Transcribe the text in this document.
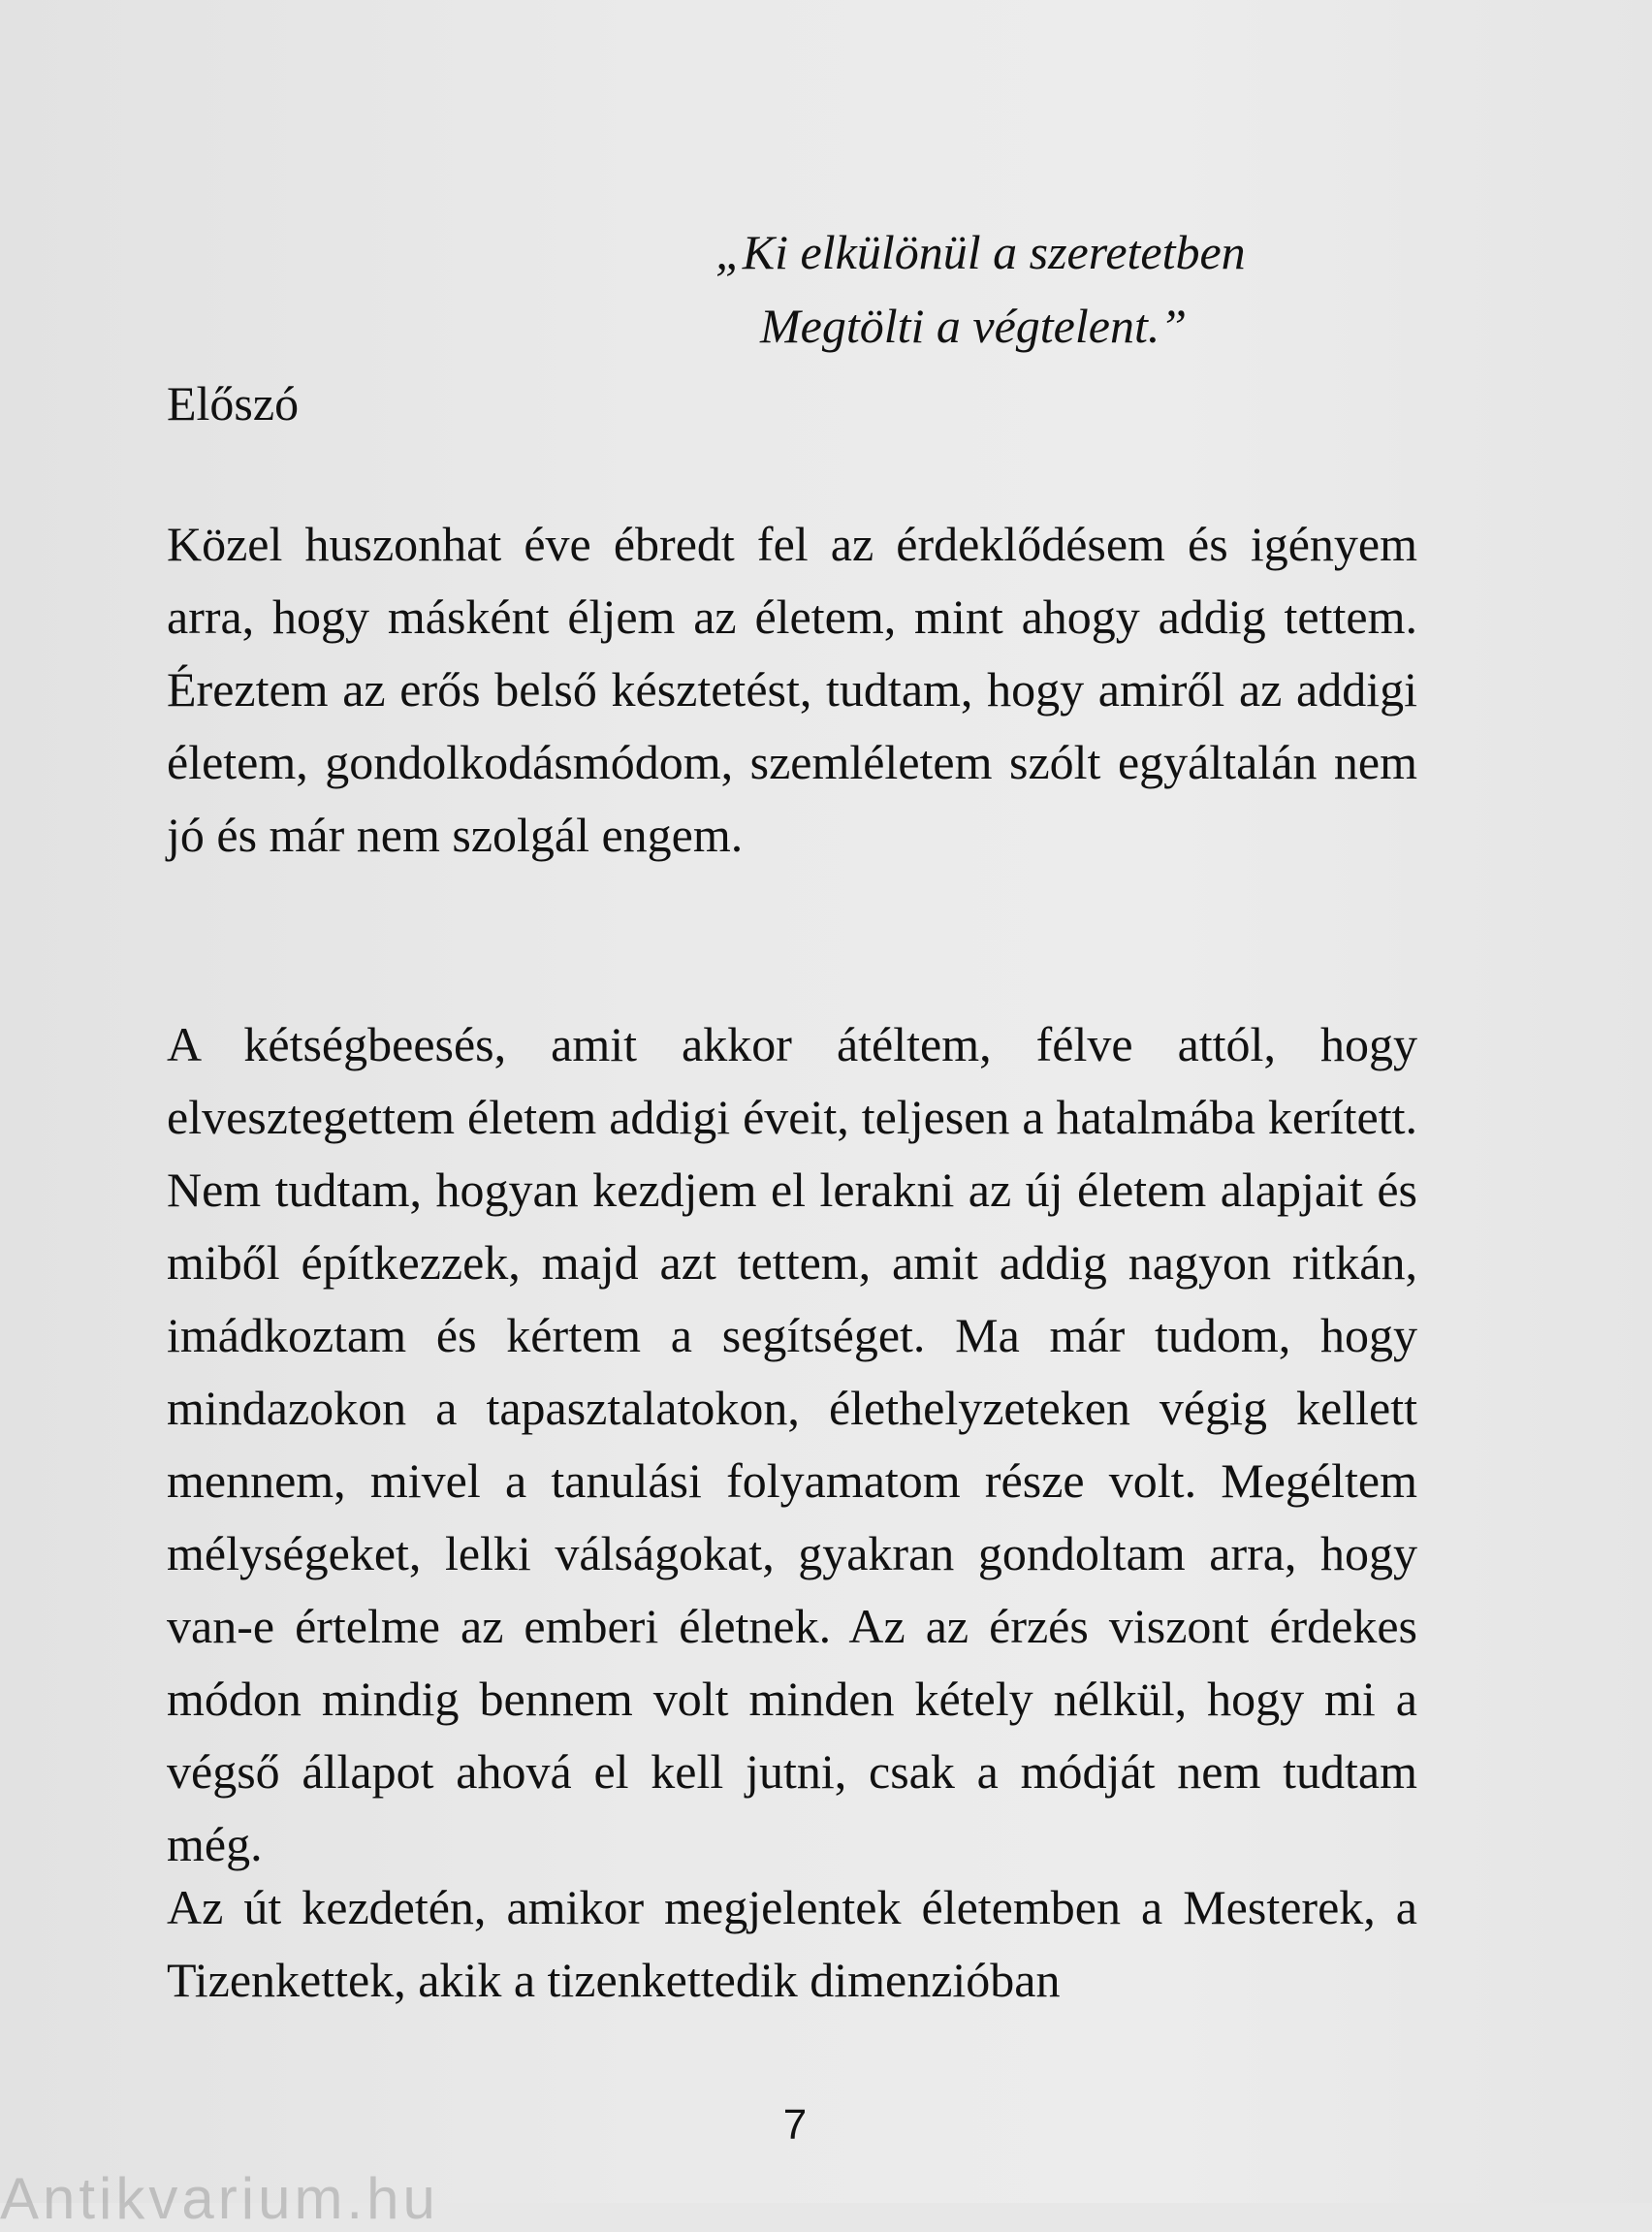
„Ki elkülönül a szeretetben
Megtölti a végtelent.”
Előszó

Közel huszonhat éve ébredt fel az érdeklődésem és igényem arra, hogy másként éljem az életem, mint ahogy addig tettem. Éreztem az erős belső késztetést, tudtam, hogy amiről az addigi életem, gondolkodásmódom, szemléletem szólt egyáltalán nem jó és már nem szolgál engem.

A kétségbeesés, amit akkor átéltem, félve attól, hogy elvesztegettem életem addigi éveit, teljesen a hatalmába kerített. Nem tudtam, hogyan kezdjem el lerakni az új életem alapjait és miből építkezzek, majd azt tettem, amit addig nagyon ritkán, imádkoztam és kértem a segítséget. Ma már tudom, hogy mindazokon a tapasztalatokon, élethelyzeteken végig kellett mennem, mivel a tanulási folyamatom része volt. Megéltem mélységeket, lelki válságokat, gyakran gondoltam arra, hogy van-e értelme az emberi életnek. Az az érzés viszont érdekes módon mindig bennem volt minden kétely nélkül, hogy mi a végső állapot ahová el kell jutni, csak a módját nem tudtam még.

Az út kezdetén, amikor megjelentek életemben a Mesterek, a Tizenkettek, akik a tizenkettedik dimenzióban

7
Antikvarium.hu
